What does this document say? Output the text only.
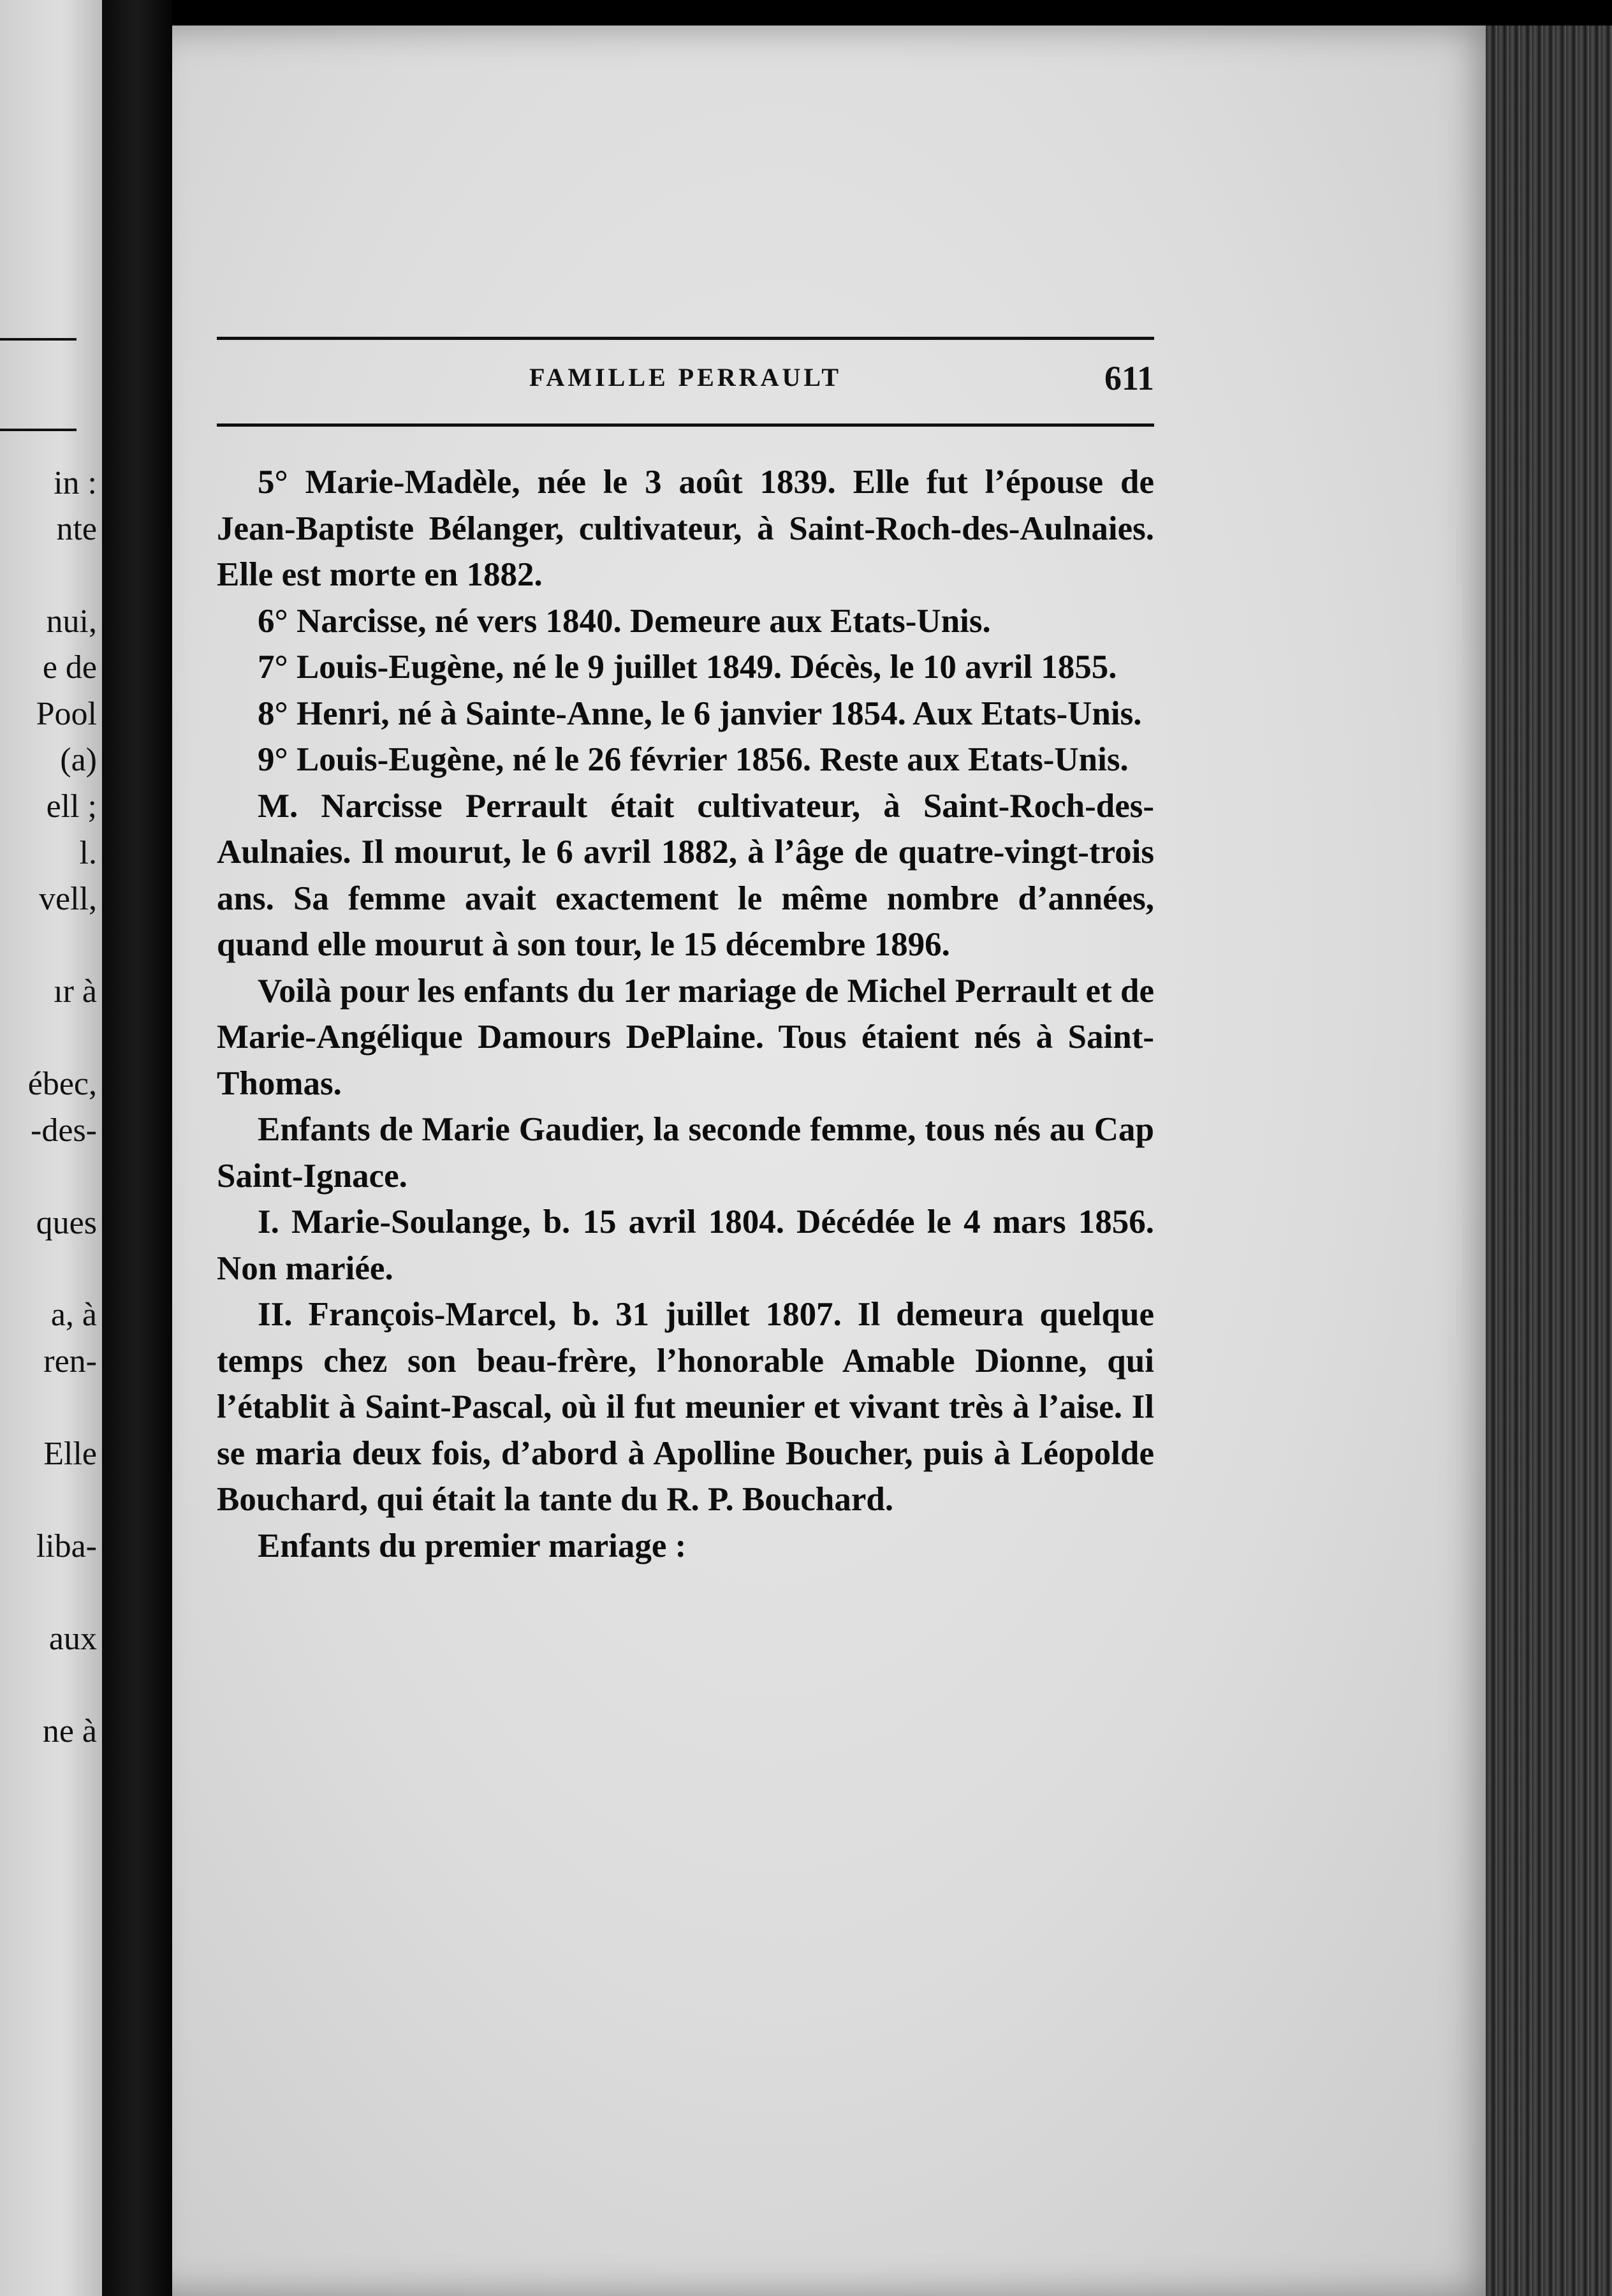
in :
nte
nui,
e de
Pool
(a)
ell ;
l.
vell,
ır à
ébec,
-des-
ques
a, à
ren-
Elle
liba-
aux
ne à
FAMILLE PERRAULT	611

5° Marie-Madèle, née le 3 août 1839. Elle fut l’épouse de Jean-Baptiste Bélanger, cultivateur, à Saint-Roch-des-Aulnaies. Elle est morte en 1882.

6° Narcisse, né vers 1840. Demeure aux Etats-Unis.

7° Louis-Eugène, né le 9 juillet 1849. Décès, le 10 avril 1855.

8° Henri, né à Sainte-Anne, le 6 janvier 1854. Aux Etats-Unis.

9° Louis-Eugène, né le 26 février 1856. Reste aux Etats-Unis.

M. Narcisse Perrault était cultivateur, à Saint-Roch-des-Aulnaies. Il mourut, le 6 avril 1882, à l’âge de quatre-vingt-trois ans. Sa femme avait exactement le même nombre d’années, quand elle mourut à son tour, le 15 décembre 1896.

Voilà pour les enfants du 1er mariage de Michel Perrault et de Marie-Angélique Damours DePlaine. Tous étaient nés à Saint-Thomas.

Enfants de Marie Gaudier, la seconde femme, tous nés au Cap Saint-Ignace.

I. Marie-Soulange, b. 15 avril 1804. Décédée le 4 mars 1856. Non mariée.

II. François-Marcel, b. 31 juillet 1807. Il demeura quelque temps chez son beau-frère, l’honorable Amable Dionne, qui l’établit à Saint-Pascal, où il fut meunier et vivant très à l’aise. Il se maria deux fois, d’abord à Apolline Boucher, puis à Léopolde Bouchard, qui était la tante du R. P. Bouchard.

Enfants du premier mariage :
